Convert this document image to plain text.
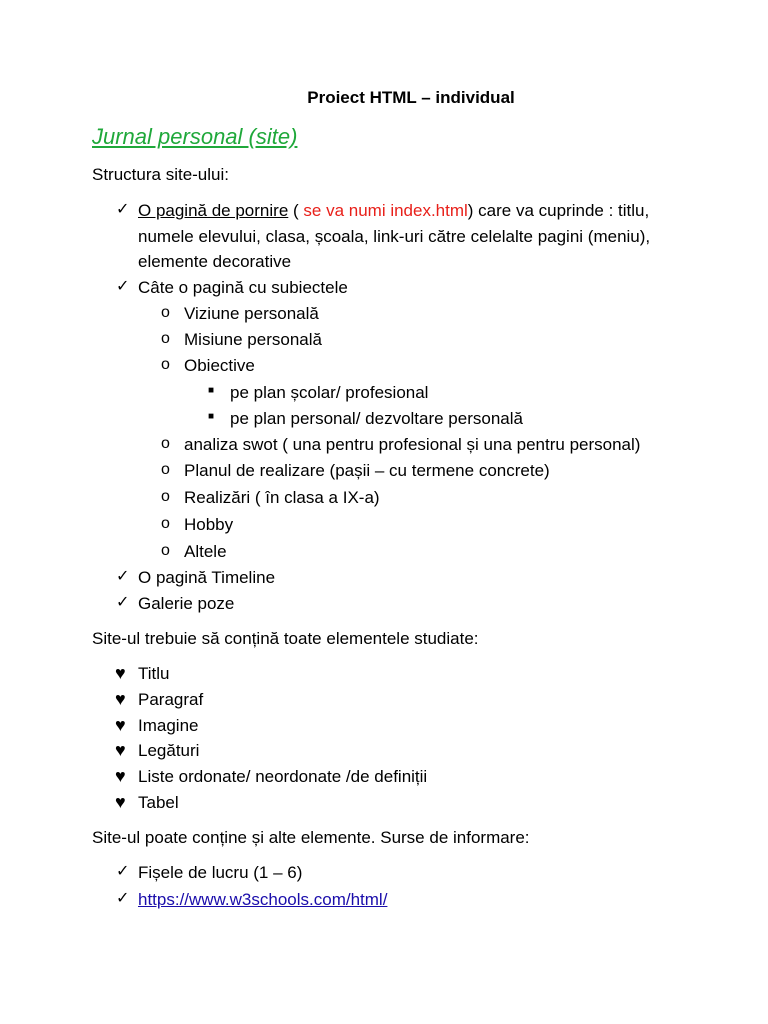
Proiect HTML – individual
Jurnal personal (site)
Structura site-ului:
✓ O pagină de pornire ( se va numi index.html) care va cuprinde : titlu,
numele elevului, clasa, școala, link-uri către celelalte pagini (meniu),
elemente decorative
✓ Câte o pagină cu subiectele
o Viziune personală
o Misiune personală
o Obiective
■ pe plan școlar/ profesional
■ pe plan personal/ dezvoltare personală
o analiza swot ( una pentru profesional și una pentru personal)
o Planul de realizare (pașii – cu termene concrete)
o Realizări ( în clasa a IX-a)
o Hobby
o Altele
✓ O pagină Timeline
✓ Galerie poze
Site-ul trebuie să conțină toate elementele studiate:
♥ Titlu
♥ Paragraf
♥ Imagine
♥ Legături
♥ Liste ordonate/ neordonate /de definiții
♥ Tabel
Site-ul poate conține și alte elemente. Surse de informare:
✓ Fișele de lucru (1 – 6)
✓ https://www.w3schools.com/html/
